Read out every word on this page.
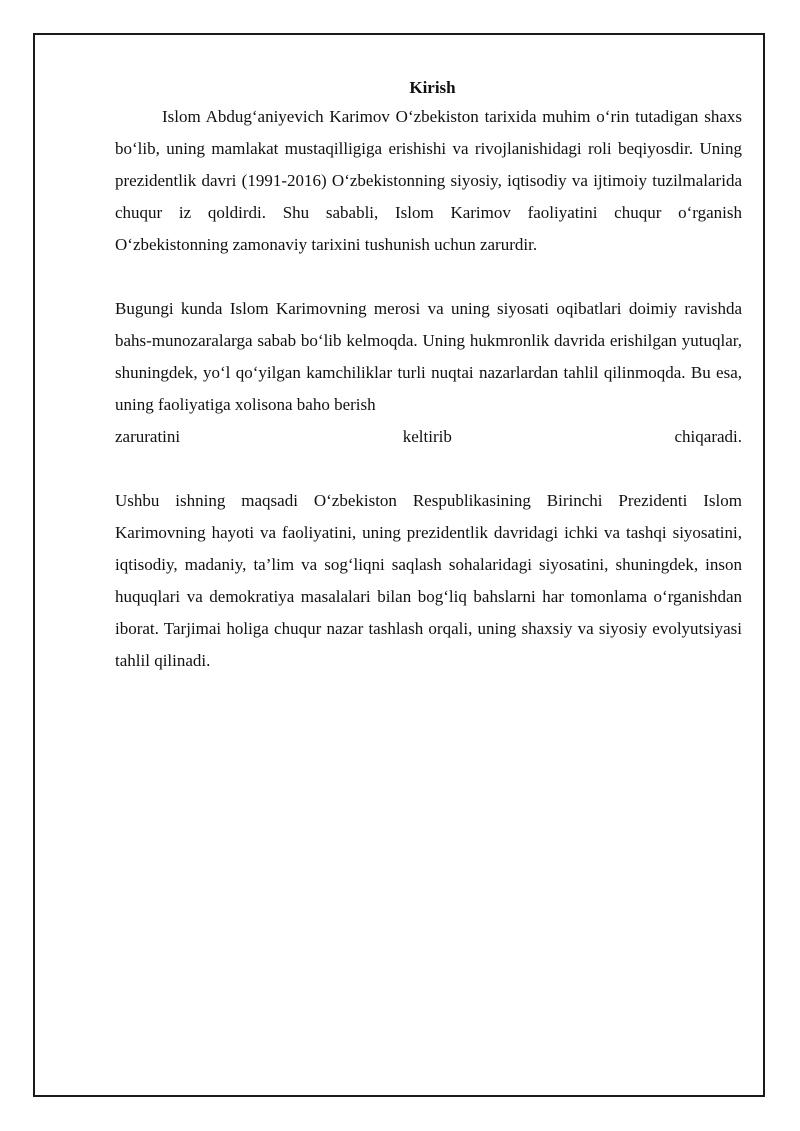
Kirish

Islom Abdug‘aniyevich Karimov O‘zbekiston tarixida muhim o‘rin tutadigan shaxs bo‘lib, uning mamlakat mustaqilligiga erishishi va rivojlanishidagi roli beqiyosdir. Uning prezidentlik davri (1991-2016) O‘zbekistonning siyosiy, iqtisodiy va ijtimoiy tuzilmalarida chuqur iz qoldirdi. Shu sababli, Islom Karimov faoliyatini chuqur o‘rganish O‘zbekistonning zamonaviy tarixini tushunish uchun zarurdir.

Bugungi kunda Islom Karimovning merosi va uning siyosati oqibatlari doimiy ravishda bahs-munozaralarga sabab bo‘lib kelmoqda. Uning hukmronlik davrida erishilgan yutuqlar, shuningdek, yo‘l qo‘yilgan kamchiliklar turli nuqtai nazarlardan tahlil qilinmoqda. Bu esa, uning faoliyatiga xolisona baho berish

zaruratini	keltirib	chiqaradi.

Ushbu ishning maqsadi O‘zbekiston Respublikasining Birinchi Prezidenti Islom Karimovning hayoti va faoliyatini, uning prezidentlik davridagi ichki va tashqi siyosatini, iqtisodiy, madaniy, ta’lim va sog‘liqni saqlash sohalaridagi siyosatini, shuningdek, inson huquqlari va demokratiya masalalari bilan bog‘liq bahslarni har tomonlama o‘rganishdan iborat. Tarjimai holiga chuqur nazar tashlash orqali, uning shaxsiy va siyosiy evolyutsiyasi tahlil qilinadi.
